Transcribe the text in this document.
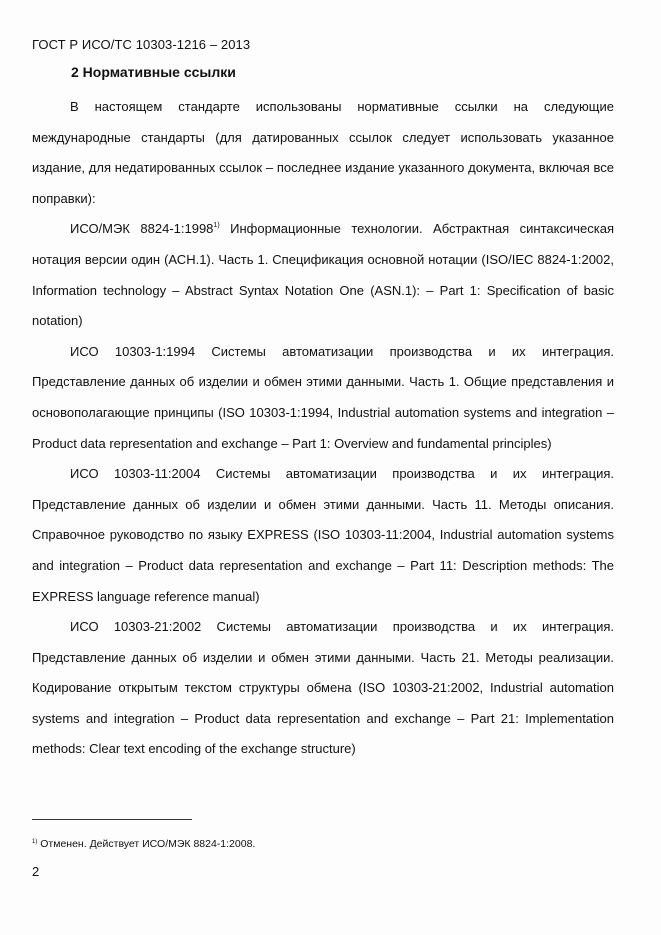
ГОСТ Р ИСО/ТС 10303-1216 – 2013
2 Нормативные ссылки

В настоящем стандарте использованы нормативные ссылки на следующие международные стандарты (для датированных ссылок следует использовать указанное издание, для недатированных ссылок – последнее издание указанного документа, включая все поправки):

ИСО/МЭК 8824-1:1998$^{1)}$ Информационные технологии. Абстрактная синтаксическая нотация версии один (АСН.1). Часть 1. Спецификация основной нотации (ISO/IEC 8824-1:2002, Information technology – Abstract Syntax Notation One (ASN.1): – Part 1: Specification of basic notation)

ИСО 10303-1:1994 Системы автоматизации производства и их интеграция. Представление данных об изделии и обмен этими данными. Часть 1. Общие представления и основополагающие принципы (ISO 10303-1:1994, Industrial automation systems and integration – Product data representation and exchange – Part 1: Overview and fundamental principles)

ИСО 10303-11:2004 Системы автоматизации производства и их интеграция. Представление данных об изделии и обмен этими данными. Часть 11. Методы описания. Справочное руководство по языку EXPRESS (ISO 10303-11:2004, Industrial automation systems and integration – Product data representation and exchange – Part 11: Description methods: The EXPRESS language reference manual)

ИСО 10303-21:2002 Системы автоматизации производства и их интеграция. Представление данных об изделии и обмен этими данными. Часть 21. Методы реализации. Кодирование открытым текстом структуры обмена (ISO 10303-21:2002, Industrial automation systems and integration – Product data representation and exchange – Part 21: Implementation methods: Clear text encoding of the exchange structure)

$^{1)}$ Отменен. Действует ИСО/МЭК 8824-1:2008.
2
